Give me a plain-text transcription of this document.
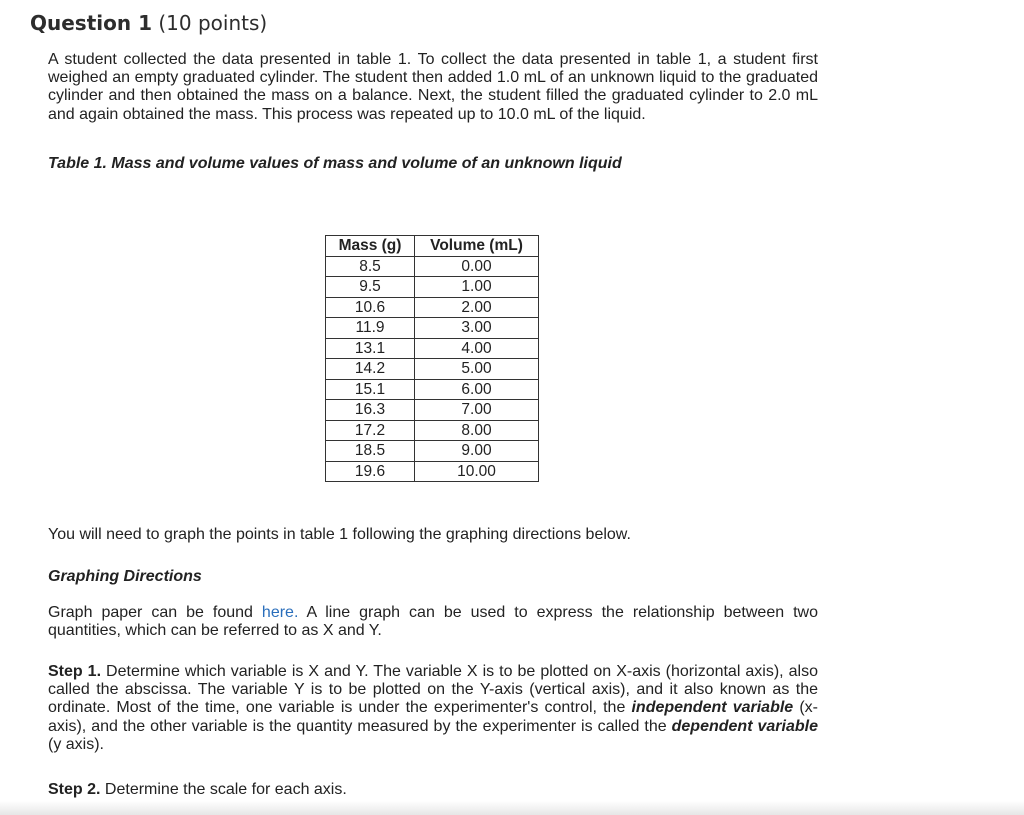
Question 1 (10 points)

A student collected the data presented in table 1. To collect the data presented in table 1, a student first weighed an empty graduated cylinder. The student then added 1.0 mL of an unknown liquid to the graduated cylinder and then obtained the mass on a balance. Next, the student filled the graduated cylinder to 2.0 mL and again obtained the mass. This process was repeated up to 10.0 mL of the liquid.

Table 1. Mass and volume values of mass and volume of an unknown liquid
Mass (g)	Volume (mL)
8.5	0.00
9.5	1.00
10.6	2.00
11.9	3.00
13.1	4.00
14.2	5.00
15.1	6.00
16.3	7.00
17.2	8.00
18.5	9.00
19.6	10.00

You will need to graph the points in table 1 following the graphing directions below.

Graphing Directions

Graph paper can be found here. A line graph can be used to express the relationship between two quantities, which can be referred to as X and Y.

Step 1. Determine which variable is X and Y. The variable X is to be plotted on X-axis (horizontal axis), also called the abscissa. The variable Y is to be plotted on the Y-axis (vertical axis), and it also known as the ordinate. Most of the time, one variable is under the experimenter's control, the independent variable (x-axis), and the other variable is the quantity measured by the experimenter is called the dependent variable (y axis).

Step 2. Determine the scale for each axis.
